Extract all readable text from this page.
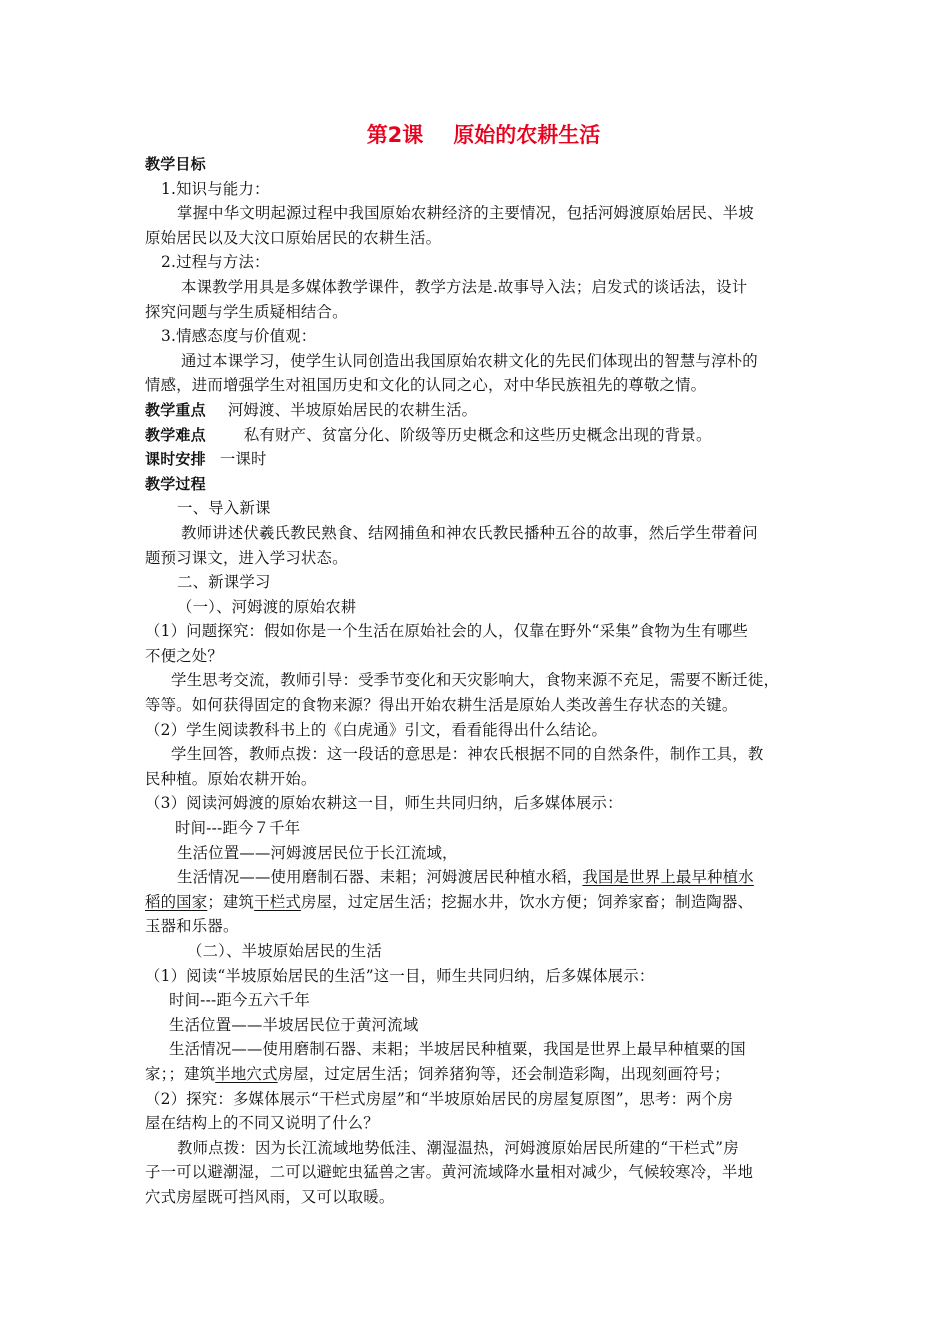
第2课 原始的农耕生活
教学目标
1.知识与能力：
掌握中华文明起源过程中我国原始农耕经济的主要情况，包括河姆渡原始居民、半坡
原始居民以及大汶口原始居民的农耕生活。
2.过程与方法：
本课教学用具是多媒体教学课件，教学方法是.故事导入法；启发式的谈话法，设计
探究问题与学生质疑相结合。
3.情感态度与价值观：
通过本课学习，使学生认同创造出我国原始农耕文化的先民们体现出的智慧与淳朴的
情感，进而增强学生对祖国历史和文化的认同之心，对中华民族祖先的尊敬之情。
教学重点 河姆渡、半坡原始居民的农耕生活。
教学难点 私有财产、贫富分化、阶级等历史概念和这些历史概念出现的背景。
课时安排 一课时
教学过程
一、导入新课
教师讲述伏羲氏教民熟食、结网捕鱼和神农氏教民播种五谷的故事，然后学生带着问
题预习课文，进入学习状态。
二、新课学习
（一）、河姆渡的原始农耕
（1）问题探究：假如你是一个生活在原始社会的人，仅靠在野外“采集”食物为生有哪些
不便之处？
学生思考交流，教师引导：受季节变化和天灾影响大，食物来源不充足，需要不断迁徙，
等等。如何获得固定的食物来源？得出开始农耕生活是原始人类改善生存状态的关键。
（2）学生阅读教科书上的《白虎通》引文，看看能得出什么结论。
学生回答，教师点拨：这一段话的意思是：神农氏根据不同的自然条件，制作工具，教
民种植。原始农耕开始。
（3）阅读河姆渡的原始农耕这一目，师生共同归纳，后多媒体展示：
时间---距今７千年
生活位置——河姆渡居民位于长江流域，
生活情况——使用磨制石器、耒耜；河姆渡居民种植水稻，我国是世界上最早种植水
稻的国家；建筑干栏式房屋，过定居生活；挖掘水井，饮水方便；饲养家畜；制造陶器、
玉器和乐器。
（二）、半坡原始居民的生活
（1）阅读“半坡原始居民的生活”这一目，师生共同归纳，后多媒体展示：
时间---距今五六千年
生活位置——半坡居民位于黄河流域
生活情况——使用磨制石器、耒耜；半坡居民种植粟，我国是世界上最早种植粟的国
家；；建筑半地穴式房屋，过定居生活；饲养猪狗等，还会制造彩陶，出现刻画符号；
（2）探究：多媒体展示“干栏式房屋”和“半坡原始居民的房屋复原图”，思考：两个房
屋在结构上的不同又说明了什么？
教师点拨：因为长江流域地势低洼、潮湿温热，河姆渡原始居民所建的“干栏式”房
子一可以避潮湿，二可以避蛇虫猛兽之害。黄河流域降水量相对减少，气候较寒冷，半地
穴式房屋既可挡风雨，又可以取暖。
